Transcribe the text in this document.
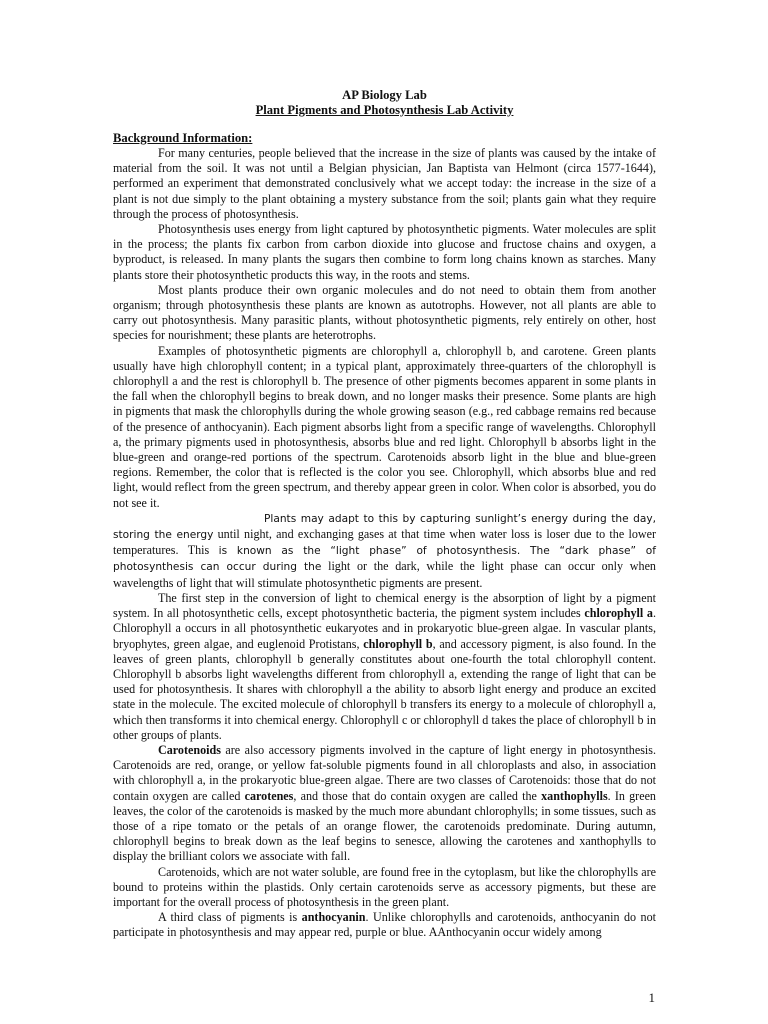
AP Biology Lab
Plant Pigments and Photosynthesis Lab Activity
Background Information:

For many centuries, people believed that the increase in the size of plants was caused by the intake of material from the soil. It was not until a Belgian physician, Jan Baptista van Helmont (circa 1577-1644), performed an experiment that demonstrated conclusively what we accept today: the increase in the size of a plant is not due simply to the plant obtaining a mystery substance from the soil; plants gain what they require through the process of photosynthesis.

Photosynthesis uses energy from light captured by photosynthetic pigments. Water molecules are split in the process; the plants fix carbon from carbon dioxide into glucose and fructose chains and oxygen, a byproduct, is released. In many plants the sugars then combine to form long chains known as starches. Many plants store their photosynthetic products this way, in the roots and stems.

Most plants produce their own organic molecules and do not need to obtain them from another organism; through photosynthesis these plants are known as autotrophs. However, not all plants are able to carry out photosynthesis. Many parasitic plants, without photosynthetic pigments, rely entirely on other, host species for nourishment; these plants are heterotrophs.

Examples of photosynthetic pigments are chlorophyll a, chlorophyll b, and carotene. Green plants usually have high chlorophyll content; in a typical plant, approximately three-quarters of the chlorophyll is chlorophyll a and the rest is chlorophyll b. The presence of other pigments becomes apparent in some plants in the fall when the chlorophyll begins to break down, and no longer masks their presence. Some plants are high in pigments that mask the chlorophylls during the whole growing season (e.g., red cabbage remains red because of the presence of anthocyanin). Each pigment absorbs light from a specific range of wavelengths. Chlorophyll a, the primary pigments used in photosynthesis, absorbs blue and red light. Chlorophyll b absorbs light in the blue-green and orange-red portions of the spectrum. Carotenoids absorb light in the blue and blue-green regions. Remember, the color that is reflected is the color you see. Chlorophyll, which absorbs blue and red light, would reflect from the green spectrum, and thereby appear green in color. When color is absorbed, you do not see it.

Plants may adapt to this by capturing sunlight’s energy during the day, storing the energy until night, and exchanging gases at that time when water loss is loser due to the lower temperatures. This is known as the “light phase” of photosynthesis. The “dark phase” of photosynthesis can occur during the light or the dark, while the light phase can occur only when wavelengths of light that will stimulate photosynthetic pigments are present.

The first step in the conversion of light to chemical energy is the absorption of light by a pigment system. In all photosynthetic cells, except photosynthetic bacteria, the pigment system includes chlorophyll a. Chlorophyll a occurs in all photosynthetic eukaryotes and in prokaryotic blue-green algae. In vascular plants, bryophytes, green algae, and euglenoid Protistans, chlorophyll b, and accessory pigment, is also found. In the leaves of green plants, chlorophyll b generally constitutes about one-fourth the total chlorophyll content. Chlorophyll b absorbs light wavelengths different from chlorophyll a, extending the range of light that can be used for photosynthesis. It shares with chlorophyll a the ability to absorb light energy and produce an excited state in the molecule. The excited molecule of chlorophyll b transfers its energy to a molecule of chlorophyll a, which then transforms it into chemical energy. Chlorophyll c or chlorophyll d takes the place of chlorophyll b in other groups of plants.

Carotenoids are also accessory pigments involved in the capture of light energy in photosynthesis. Carotenoids are red, orange, or yellow fat-soluble pigments found in all chloroplasts and also, in association with chlorophyll a, in the prokaryotic blue-green algae. There are two classes of Carotenoids: those that do not contain oxygen are called carotenes, and those that do contain oxygen are called the xanthophylls. In green leaves, the color of the carotenoids is masked by the much more abundant chlorophylls; in some tissues, such as those of a ripe tomato or the petals of an orange flower, the carotenoids predominate. During autumn, chlorophyll begins to break down as the leaf begins to senesce, allowing the carotenes and xanthophylls to display the brilliant colors we associate with fall.

Carotenoids, which are not water soluble, are found free in the cytoplasm, but like the chlorophylls are bound to proteins within the plastids. Only certain carotenoids serve as accessory pigments, but these are important for the overall process of photosynthesis in the green plant.

A third class of pigments is anthocyanin. Unlike chlorophylls and carotenoids, anthocyanin do not participate in photosynthesis and may appear red, purple or blue. AAnthocyanin occur widely among

1
